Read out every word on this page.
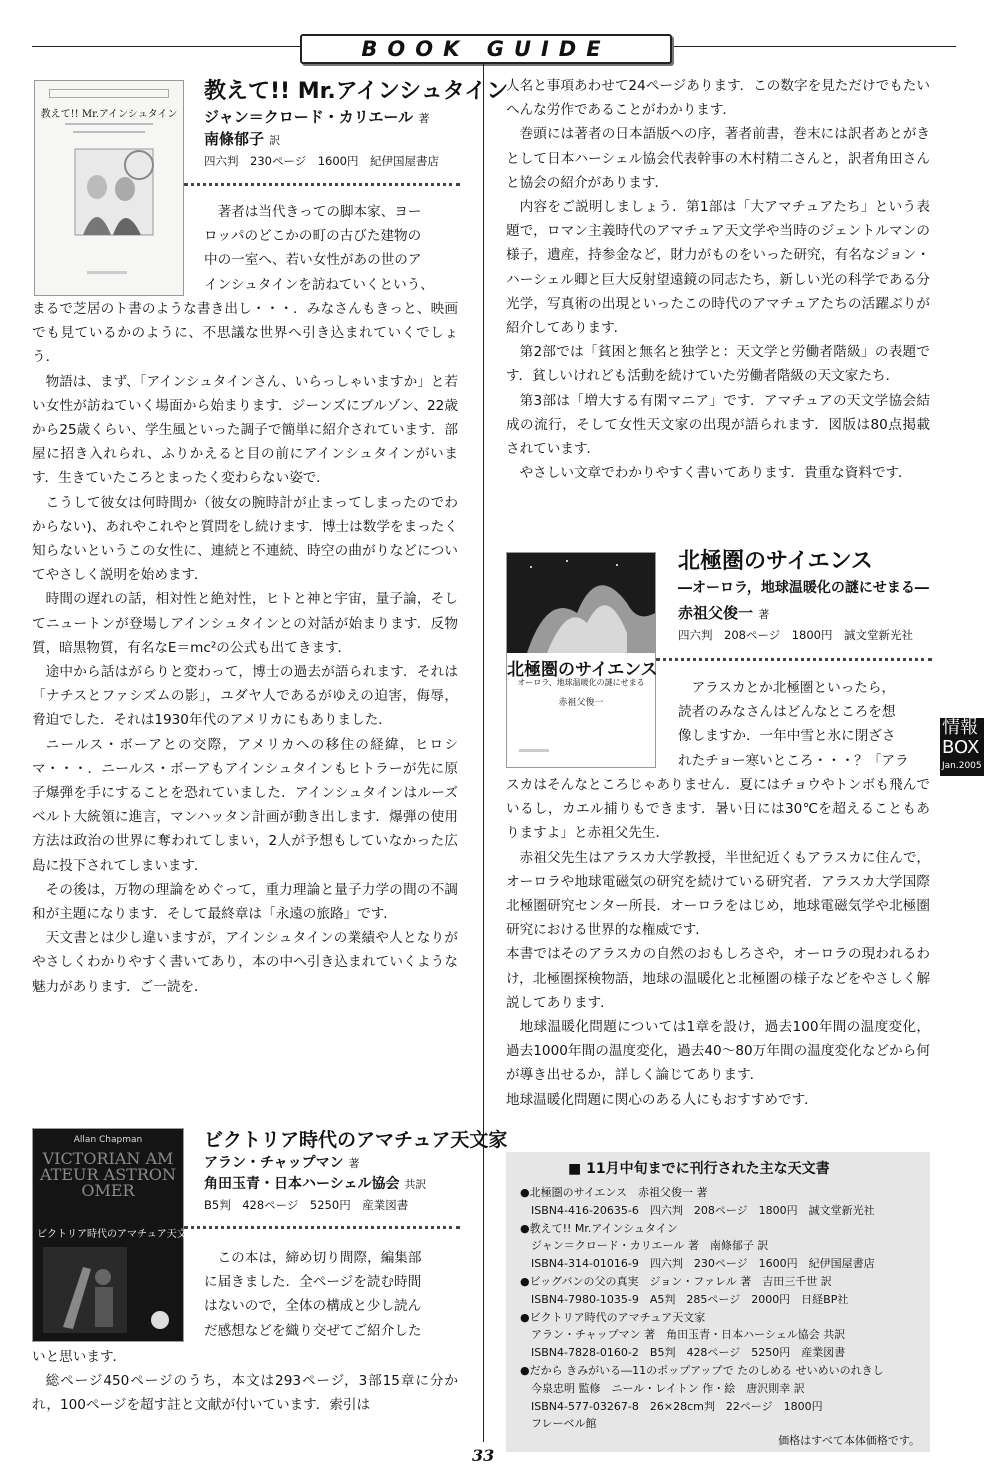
BOOK GUIDE
教えて!! Mr.アインシュタイン
教えて!! Mr.アインシュタイン
ジャン＝クロード・カリエール 著
南條郁子 訳
四六判　230ページ　1600円　紀伊国屋書店
著者は当代きっての脚本家、ヨー
ロッパのどこかの町の古びた建物の
中の一室へ、若い女性があの世のア
インシュタインを訪ねていくという、

まるで芝居のト書のような書き出し・・・．みなさんもきっと、映画でも見ているかのように、不思議な世界へ引き込まれていくでしょう．

物語は、まず、「アインシュタインさん、いらっしゃいますか」と若い女性が訪ねていく場面から始まります．ジーンズにブルゾン、22歳から25歳くらい、学生風といった調子で簡単に紹介されています．部屋に招き入れられ、ふりかえると目の前にアインシュタインがいます．生きていたころとまったく変わらない姿で．

こうして彼女は何時間か（彼女の腕時計が止まってしまったのでわからない)、あれやこれやと質問をし続けます．博士は数学をまったく知らないというこの女性に、連続と不連続、時空の曲がりなどについてやさしく説明を始めます．

時間の遅れの話，相対性と絶対性，ヒトと神と宇宙，量子論，そしてニュートンが登場しアインシュタインとの対話が始まります．反物質，暗黒物質，有名なE＝mc²の公式も出てきます．

途中から話はがらりと変わって，博士の過去が語られます．それは「ナチスとファシズムの影」，ユダヤ人であるがゆえの迫害，侮辱，脅迫でした．それは1930年代のアメリカにもありました．

ニールス・ボーアとの交際，アメリカへの移住の経緯，ヒロシマ・・・．ニールス・ボーアもアインシュタインもヒトラーが先に原子爆弾を手にすることを恐れていました．アインシュタインはルーズベルト大統領に進言，マンハッタン計画が動き出します．爆弾の使用方法は政治の世界に奪われてしまい，2人が予想もしていなかった広島に投下されてしまいます．

その後は，万物の理論をめぐって，重力理論と量子力学の間の不調和が主題になります．そして最終章は「永遠の旅路」です．

天文書とは少し違いますが，アインシュタインの業績や人となりがやさしくわかりやすく書いてあり，本の中へ引き込まれていくような魅力があります．ご一読を．

Allan Chapman
VICTORIAN AMATEUR ASTRONOMER
ビクトリア時代のアマチュア天文家
ビクトリア時代のアマチュア天文家
アラン・チャップマン 著
角田玉青・日本ハーシェル協会 共訳
B5判　428ページ　5250円　産業図書
この本は，締め切り間際，編集部
に届きました．全ページを読む時間
はないので，全体の構成と少し読ん
だ感想などを織り交ぜてご紹介した

いと思います．

総ページ450ページのうち，本文は293ページ，3部15章に分かれ，100ページを超す註と文献が付いています．索引は

人名と事項あわせて24ページあります．この数字を見ただけでもたいへんな労作であることがわかります．

巻頭には著者の日本語版への序，著者前書，巻末には訳者あとがきとして日本ハーシェル協会代表幹事の木村精二さんと，訳者角田さんと協会の紹介があります．

内容をご説明しましょう．第1部は「大アマチュアたち」という表題で，ロマン主義時代のアマチュア天文学や当時のジェントルマンの様子，遺産，持参金など，財力がものをいった研究，有名なジョン・ハーシェル卿と巨大反射望遠鏡の同志たち，新しい光の科学である分光学，写真術の出現といったこの時代のアマチュアたちの活躍ぶりが紹介してあります．

第2部では「貧困と無名と独学と：天文学と労働者階級」の表題です．貧しいけれども活動を続けていた労働者階級の天文家たち．

第3部は「増大する有閑マニア」です．アマチュアの天文学協会結成の流行，そして女性天文家の出現が語られます．図版は80点掲載されています．

やさしい文章でわかりやすく書いてあります．貴重な資料です．

北極圏のサイエンス
オーロラ、地球温暖化の謎にせまる
赤祖父俊一
北極圏のサイエンス
―オーロラ，地球温暖化の謎にせまる―
赤祖父俊一 著
四六判　208ページ　1800円　誠文堂新光社
アラスカとか北極圏といったら，
読者のみなさんはどんなところを想
像しますか．一年中雪と氷に閉ざさ
れたチョー寒いところ・・・？「アラ

スカはそんなところじゃありません．夏にはチョウやトンボも飛んでいるし，カエル捕りもできます．暑い日には30℃を超えることもありますよ」と赤祖父先生．

赤祖父先生はアラスカ大学教授，半世紀近くもアラスカに住んで，オーロラや地球電磁気の研究を続けている研究者．アラスカ大学国際北極圏研究センター所長．オーロラをはじめ，地球電磁気学や北極圏研究における世界的な権威です．

本書ではそのアラスカの自然のおもしろさや，オーロラの現われるわけ，北極圏探検物語，地球の温暖化と北極圏の様子などをやさしく解説してあります．

地球温暖化問題については1章を設け，過去100年間の温度変化，過去1000年間の温度変化，過去40～80万年間の温度変化などから何が導き出せるか，詳しく論じてあります．

地球温暖化問題に関心のある人にもおすすめです．

■ 11月中旬までに刊行された主な天文書
●北極圏のサイエンス　赤祖父俊一 著
　ISBN4-416-20635-6　四六判　208ページ　1800円　誠文堂新光社
●教えて!! Mr.アインシュタイン
　ジャン＝クロード・カリエール 著　南條郁子 訳
　ISBN4-314-01016-9　四六判　230ページ　1600円　紀伊国屋書店
●ビッグバンの父の真実　ジョン・ファレル 著　吉田三千世 訳
　ISBN4-7980-1035-9　A5判　285ページ　2000円　日経BP社
●ビクトリア時代のアマチュア天文家
　アラン・チャップマン 著　角田玉青・日本ハーシェル協会 共訳
　ISBN4-7828-0160-2　B5判　428ページ　5250円　産業図書
●だから きみがいる―11のポップアップで たのしめる せいめいのれきし
　今泉忠明 監修　ニール・レイトン 作・絵　唐沢則幸 訳
　ISBN4-577-03267-8　26×28cm判　22ページ　1800円
　フレーベル館
価格はすべて本体価格です。
情報
BOX
Jan.2005
33
